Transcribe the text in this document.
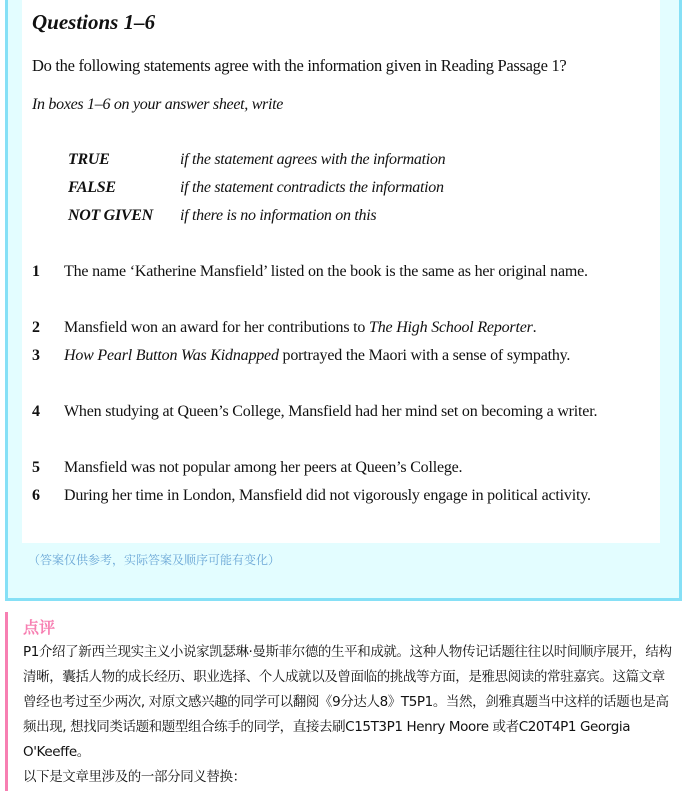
Questions 1–6
Do the following statements agree with the information given in Reading Passage 1?
In boxes 1–6 on your answer sheet, write
TRUE	if the statement agrees with the information
FALSE	if the statement contradicts the information
NOT GIVEN if there is no information on this
1 The name ‘Katherine Mansfield’ listed on the book is the same as her original name.
2 Mansfield won an award for her contributions to The High School Reporter.
3 How Pearl Button Was Kidnapped portrayed the Maori with a sense of sympathy.
4 When studying at Queen’s College, Mansfield had her mind set on becoming a writer.
5 Mansfield was not popular among her peers at Queen’s College.
6 During her time in London, Mansfield did not vigorously engage in political activity.
（答案仅供参考，实际答案及顺序可能有变化）
点评

P1介绍了新西兰现实主义小说家凯瑟琳·曼斯菲尔德的生平和成就。这种人物传记话题往往以时间顺序展开，结构清晰，囊括人物的成长经历、职业选择、个人成就以及曾面临的挑战等方面，是雅思阅读的常驻嘉宾。这篇文章曾经也考过至少两次, 对原文感兴趣的同学可以翻阅《9分达人8》T5P1。当然，剑雅真题当中这样的话题也是高频出现, 想找同类话题和题型组合练手的同学，直接去刷C15T3P1 Henry Moore 或者C20T4P1 Georgia O'Keeffe。

以下是文章里涉及的一部分同义替换：
